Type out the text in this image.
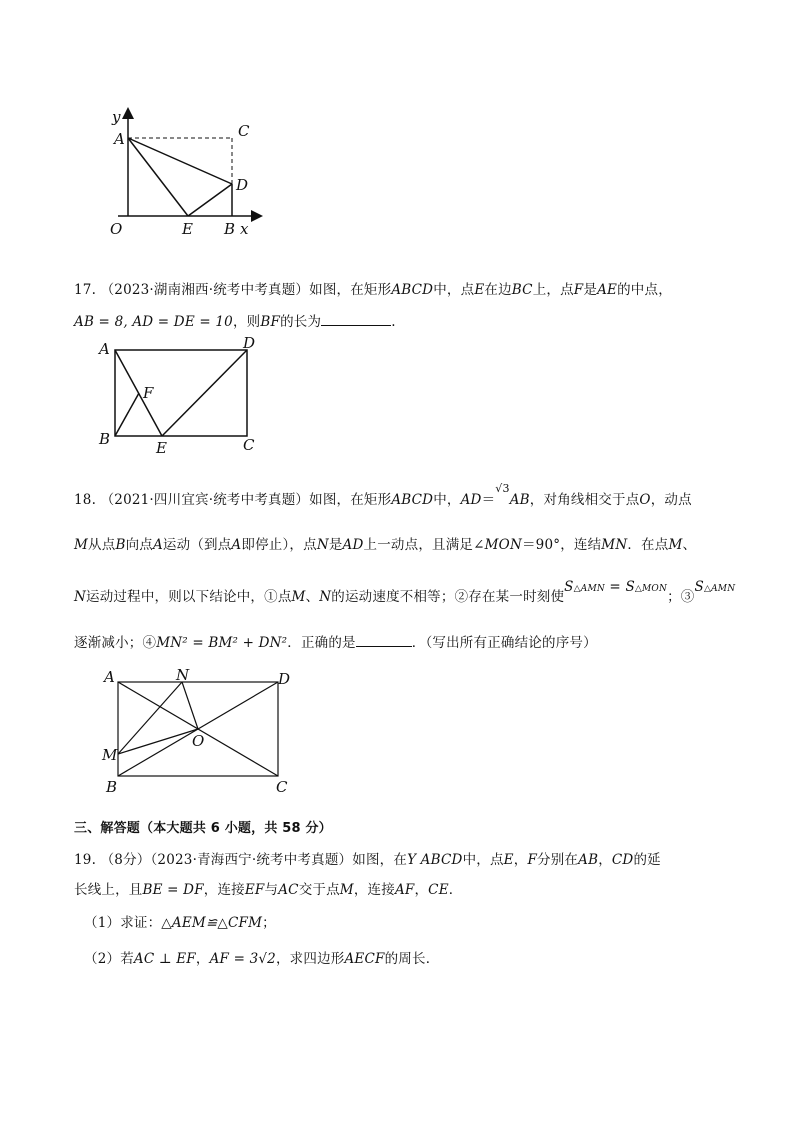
y
A	C
D
O	E B x
17. （2023·湖南湘西·统考中考真题）如图，在矩形ABCD中，点E在边BC上，点F是AE的中点，
AB = 8, AD = DE = 10，则BF的长为	.
A	D
F
B	E	C
18. （2021·四川宜宾·统考中考真题）如图，在矩形ABCD中，AD＝$^{√3}$AB，对角线相交于点O，动点
M从点B向点A运动（到点A即停止），点N是AD上一动点，且满足∠MON＝90°，连结MN．在点M、
N运动过程中，则以下结论中，①点M、N的运动速度不相等；②存在某一时刻使S△AMN = S△MON；③S△AMN
逐渐减小；④MN² = BM² + DN²．正确的是	．（写出所有正确结论的序号）
A	N	D
M
O
B	C
三、解答题（本大题共 6 小题，共 58 分）
19. （8分）（2023·青海西宁·统考中考真题）如图，在Y ABCD中，点E，F分别在AB，CD的延
长线上，且BE = DF，连接EF与AC交于点M，连接AF，CE．
（1）求证：△AEM≌△CFM；
（2）若AC ⊥ EF，AF = 3√2，求四边形AECF的周长．
